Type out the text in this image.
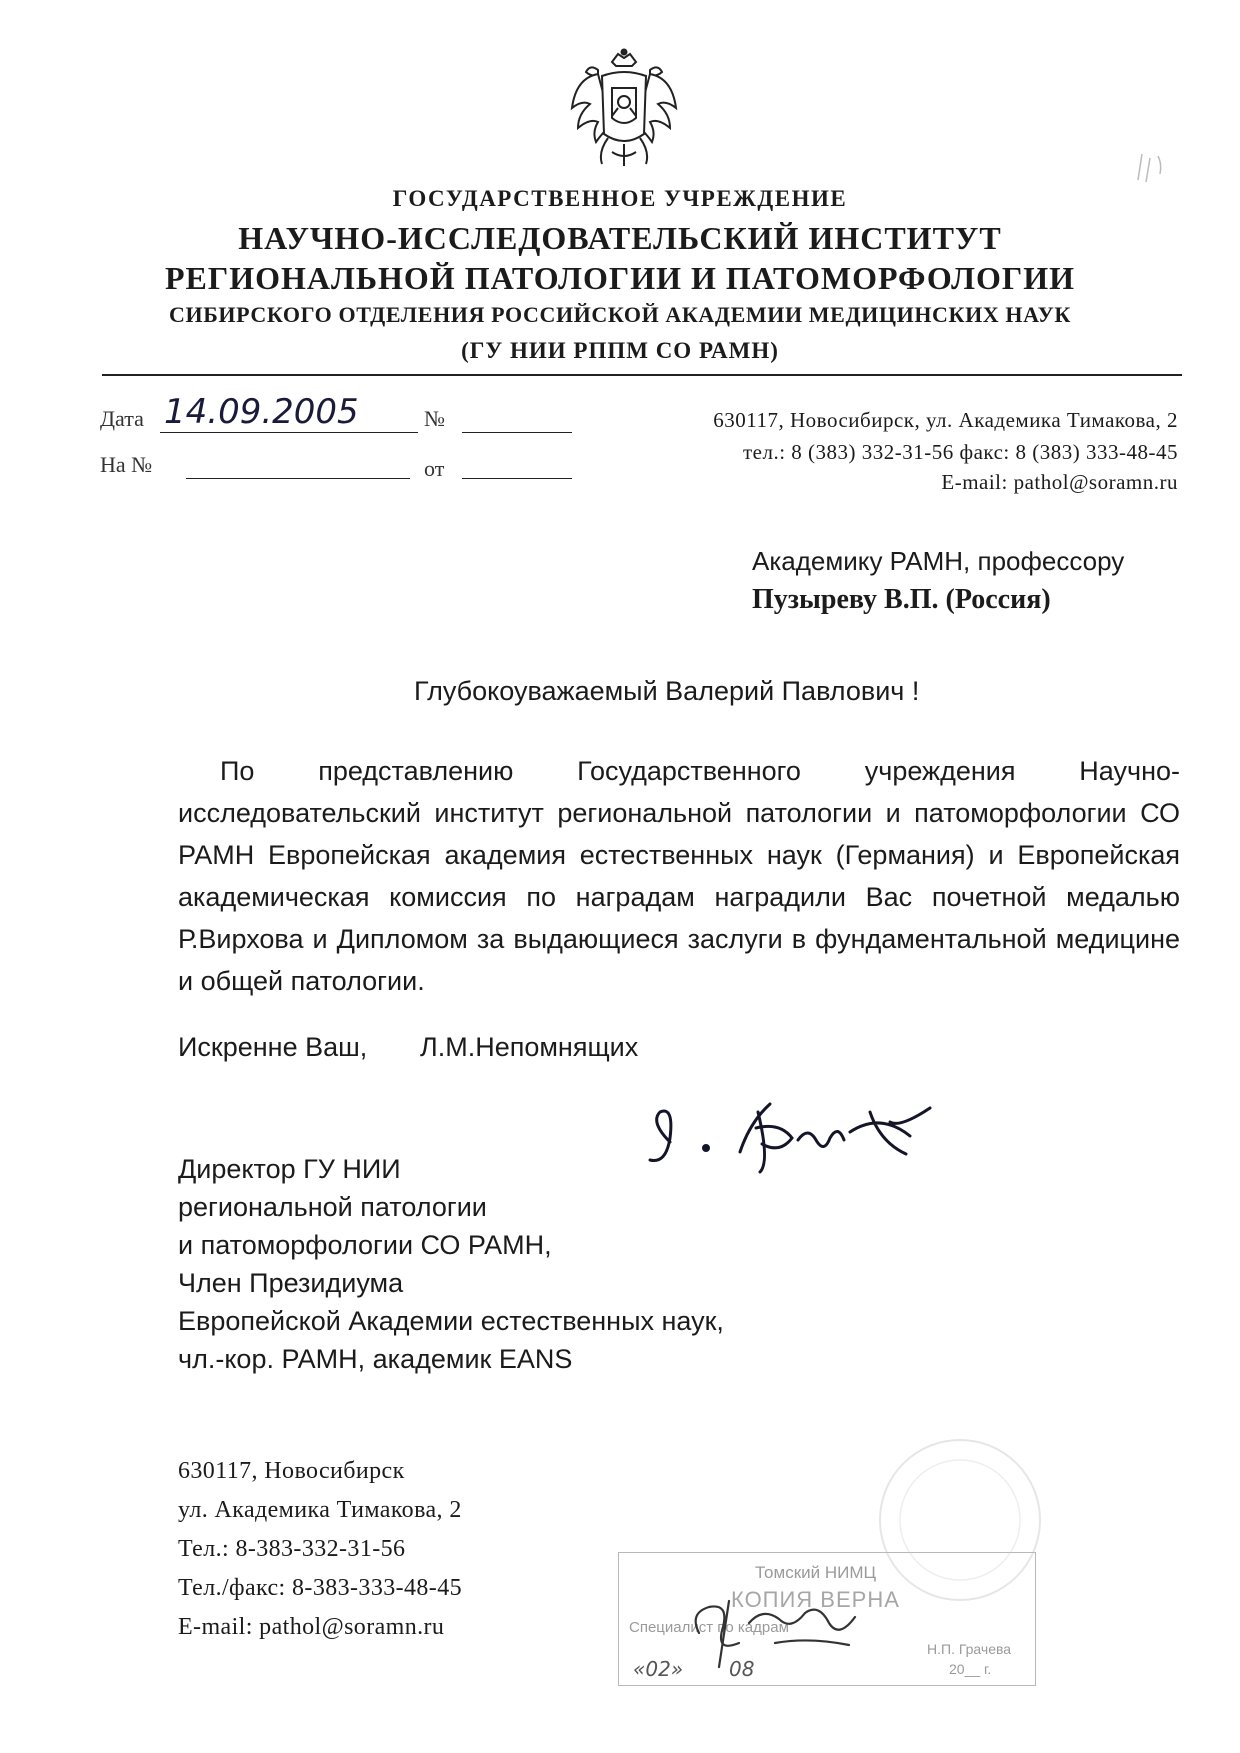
ГОСУДАРСТВЕННОЕ УЧРЕЖДЕНИЕ
НАУЧНО-ИССЛЕДОВАТЕЛЬСКИЙ ИНСТИТУТ
РЕГИОНАЛЬНОЙ ПАТОЛОГИИ И ПАТОМОРФОЛОГИИ
СИБИРСКОГО ОТДЕЛЕНИЯ РОССИЙСКОЙ АКАДЕМИИ МЕДИЦИНСКИХ НАУК
(ГУ НИИ РППМ СО РАМН)
Дата 14.09.2005	№
На №	от
630117, Новосибирск, ул. Академика Тимакова, 2
тел.: 8 (383) 332-31-56 факс: 8 (383) 333-48-45
E-mail: pathol@soramn.ru
Академику РАМН, профессору
Пузыреву В.П. (Россия)
Глубокоуважаемый Валерий Павлович !
По представлению Государственного учреждения Научно-исследовательский институт региональной патологии и патоморфологии СО РАМН Европейская академия естественных наук (Германия) и Европейская академическая комиссия по наградам наградили Вас почетной медалью Р.Вирхова и Дипломом за выдающиеся заслуги в фундаментальной медицине и общей патологии.
Искренне Ваш, Л.М.Непомнящих
Директор ГУ НИИ
региональной патологии
и патоморфологии СО РАМН,
Член Президиума
Европейской Академии естественных наук,
чл.-кор. РАМН, академик EANS
630117, Новосибирск
ул. Академика Тимакова, 2
Тел.: 8-383-332-31-56
Тел./факс: 8-383-333-48-45
E-mail: pathol@soramn.ru
Томский НИМЦ
КОПИЯ ВЕРНА
Специалист по кадрам
Н.П. Грачева
«02» 08	20__ г.
